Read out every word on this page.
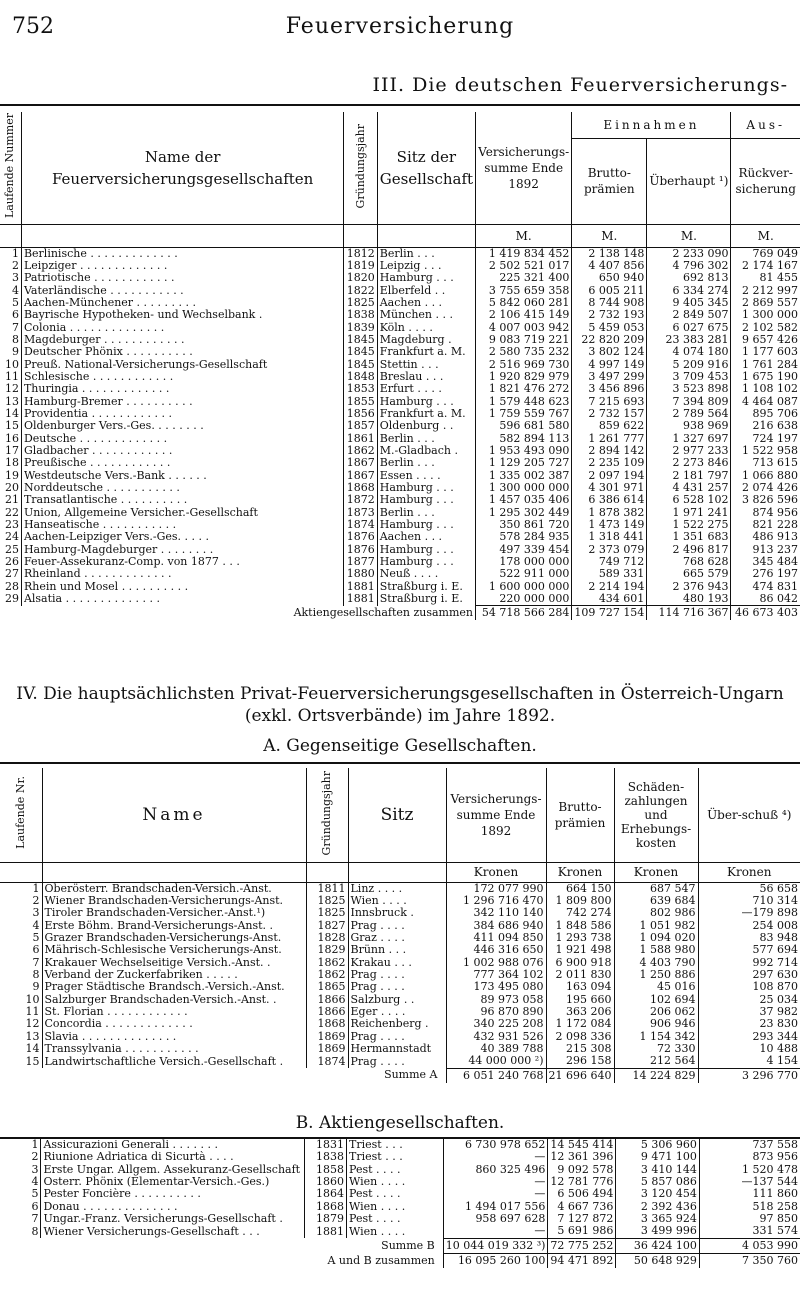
752	Feuerversicherung
III. Die deutschen Feuerversicherungs-
Laufende Nummer	Name der Feuerversicherungsgesellschaften	Gründungsjahr	Sitz der Gesellschaft	Versicherungs-summe Ende 1892	Einnahmen		Aus-
					Brutto-prämien	Überhaupt ¹)	Rückver-sicherung
				M.	M.	M.	M.
1	Berlinische . . . . . . . . . . . . .	1812	Berlin . . .	1 419 834 452	2 138 148	2 233 090	769 049
2	Leipziger . . . . . . . . . . . . .	1819	Leipzig . . .	2 502 521 017	4 407 856	4 796 302	2 174 167
3	Patriotische . . . . . . . . . . . .	1820	Hamburg . . .	225 321 400	650 940	692 813	81 455
4	Vaterländische . . . . . . . . . . .	1822	Elberfeld . .	3 755 659 358	6 005 211	6 334 274	2 212 997
5	Aachen-Münchener . . . . . . . . .	1825	Aachen . . .	5 842 060 281	8 744 908	9 405 345	2 869 557
6	Bayrische Hypotheken- und Wechselbank .	1838	München . . .	2 106 415 149	2 732 193	2 849 507	1 300 000
7	Colonia . . . . . . . . . . . . . .	1839	Köln . . . .	4 007 003 942	5 459 053	6 027 675	2 102 582
8	Magdeburger . . . . . . . . . . . .	1845	Magdeburg .	9 083 719 221	22 820 209	23 383 281	9 657 426
9	Deutscher Phönix . . . . . . . . . .	1845	Frankfurt a. M.	2 580 735 232	3 802 124	4 074 180	1 177 603
10	Preuß. National-Versicherungs-Gesellschaft	1845	Stettin . . .	2 516 969 730	4 997 149	5 209 916	1 761 284
11	Schlesische . . . . . . . . . . . .	1848	Breslau . . .	1 920 829 979	3 497 299	3 709 453	1 675 190
12	Thuringia . . . . . . . . . . . . .	1853	Erfurt . . . .	1 821 476 272	3 456 896	3 523 898	1 108 102
13	Hamburg-Bremer . . . . . . . . . .	1855	Hamburg . . .	1 579 448 623	7 215 693	7 394 809	4 464 087
14	Providentia . . . . . . . . . . . .	1856	Frankfurt a. M.	1 759 559 767	2 732 157	2 789 564	895 706
15	Oldenburger Vers.-Ges. . . . . . . .	1857	Oldenburg . .	596 681 580	859 622	938 969	216 638
16	Deutsche . . . . . . . . . . . . .	1861	Berlin . . .	582 894 113	1 261 777	1 327 697	724 197
17	Gladbacher . . . . . . . . . . . .	1862	M.-Gladbach .	1 953 493 090	2 894 142	2 977 233	1 522 958
18	Preußische . . . . . . . . . . . .	1867	Berlin . . .	1 129 205 727	2 235 109	2 273 846	713 615
19	Westdeutsche Vers.-Bank . . . . . .	1867	Essen . . . .	1 335 002 387	2 097 194	2 181 797	1 066 880
20	Norddeutsche . . . . . . . . . . .	1868	Hamburg . . .	1 300 000 000	4 301 971	4 431 257	2 074 426
21	Transatlantische . . . . . . . . . .	1872	Hamburg . . .	1 457 035 406	6 386 614	6 528 102	3 826 596
22	Union, Allgemeine Versicher.-Gesellschaft	1873	Berlin . . .	1 295 302 449	1 878 382	1 971 241	874 956
23	Hanseatische . . . . . . . . . . .	1874	Hamburg . . .	350 861 720	1 473 149	1 522 275	821 228
24	Aachen-Leipziger Vers.-Ges. . . . .	1876	Aachen . . .	578 284 935	1 318 441	1 351 683	486 913
25	Hamburg-Magdeburger . . . . . . . .	1876	Hamburg . . .	497 339 454	2 373 079	2 496 817	913 237
26	Feuer-Assekuranz-Comp. von 1877 . . .	1877	Hamburg . . .	178 000 000	749 712	768 628	345 484
27	Rheinland . . . . . . . . . . . . .	1880	Neuß . . . .	522 911 000	589 331	665 579	276 197
28	Rhein und Mosel . . . . . . . . . .	1881	Straßburg i. E.	1 600 000 000	2 214 194	2 376 943	474 831
29	Alsatia . . . . . . . . . . . . . .	1881	Straßburg i. E.	220 000 000	434 601	480 193	86 042
Aktiengesellschaften zusammen				54 718 566 284	109 727 154	114 716 367	46 673 403
IV. Die hauptsächlichsten Privat-Feuerversicherungsgesellschaften in Österreich-Ungarn
(exkl. Ortsverbände) im Jahre 1892.
A. Gegenseitige Gesellschaften.
Laufende Nr.	Name	Gründungsjahr	Sitz	Versicherungs-summe Ende 1892	Brutto-prämien	Schäden-zahlungen und Erhebungs-kosten	Über-schuß ⁴)
				Kronen	Kronen	Kronen	Kronen
1	Oberösterr. Brandschaden-Versich.-Anst.	1811	Linz . . . .	172 077 990	664 150	687 547	56 658
2	Wiener Brandschaden-Versicherungs-Anst.	1825	Wien . . . .	1 296 716 470	1 809 800	639 684	710 314
3	Tiroler Brandschaden-Versicher.-Anst.¹)	1825	Innsbruck .	342 110 140	742 274	802 986	—179 898
4	Erste Böhm. Brand-Versicherungs-Anst. .	1827	Prag . . . .	384 686 940	1 848 586	1 051 982	254 008
5	Grazer Brandschaden-Versicherungs-Anst.	1828	Graz . . . .	411 094 850	1 293 738	1 094 020	83 948
6	Mährisch-Schlesische Versicherungs-Anst.	1829	Brünn . . .	446 316 650	1 921 498	1 588 980	577 694
7	Krakauer Wechselseitige Versich.-Anst. .	1862	Krakau . . .	1 002 988 076	6 900 918	4 403 790	992 714
8	Verband der Zuckerfabriken . . . . .	1862	Prag . . . .	777 364 102	2 011 830	1 250 886	297 630
9	Prager Städtische Brandsch.-Versich.-Anst.	1865	Prag . . . .	173 495 080	163 094	45 016	108 870
10	Salzburger Brandschaden-Versich.-Anst. .	1866	Salzburg . .	89 973 058	195 660	102 694	25 034
11	St. Florian . . . . . . . . . . . .	1866	Eger . . . .	96 870 890	363 206	206 062	37 982
12	Concordia . . . . . . . . . . . . .	1868	Reichenberg .	340 225 208	1 172 084	906 946	23 830
13	Slavia . . . . . . . . . . . . . .	1869	Prag . . . .	432 931 526	2 098 336	1 154 342	293 344
14	Transsylvania . . . . . . . . . . .	1869	Hermannstadt	40 389 788	215 308	72 330	10 488
15	Landwirtschaftliche Versich.-Gesellschaft .	1874	Prag . . . .	44 000 000 ²)	296 158	212 564	4 154
Summe A				6 051 240 768	21 696 640	14 224 829	3 296 770
B. Aktiengesellschaften.
1	Assicurazioni Generali . . . . . . .	1831	Triest . . .	6 730 978 652	14 545 414	5 306 960	737 558
2	Riunione Adriatica di Sicurtà . . . .	1838	Triest . . .	—	12 361 396	9 471 100	873 956
3	Erste Ungar. Allgem. Assekuranz-Gesellschaft	1858	Pest . . . .	860 325 496	9 092 578	3 410 144	1 520 478
4	Österr. Phönix (Elementar-Versich.-Ges.)	1860	Wien . . . .	—	12 781 776	5 857 086	—137 544
5	Pester Foncière . . . . . . . . . .	1864	Pest . . . .	—	6 506 494	3 120 454	111 860
6	Donau . . . . . . . . . . . . . .	1868	Wien . . . .	1 494 017 556	4 667 736	2 392 436	518 258
7	Ungar.-Franz. Versicherungs-Gesellschaft .	1879	Pest . . . .	958 697 628	7 127 872	3 365 924	97 850
8	Wiener Versicherungs-Gesellschaft . . .	1881	Wien . . . .	—	5 691 986	3 499 996	331 574
Summe B				10 044 019 332 ³)	72 775 252	36 424 100	4 053 990
A und B zusammen				16 095 260 100	94 471 892	50 648 929	7 350 760
